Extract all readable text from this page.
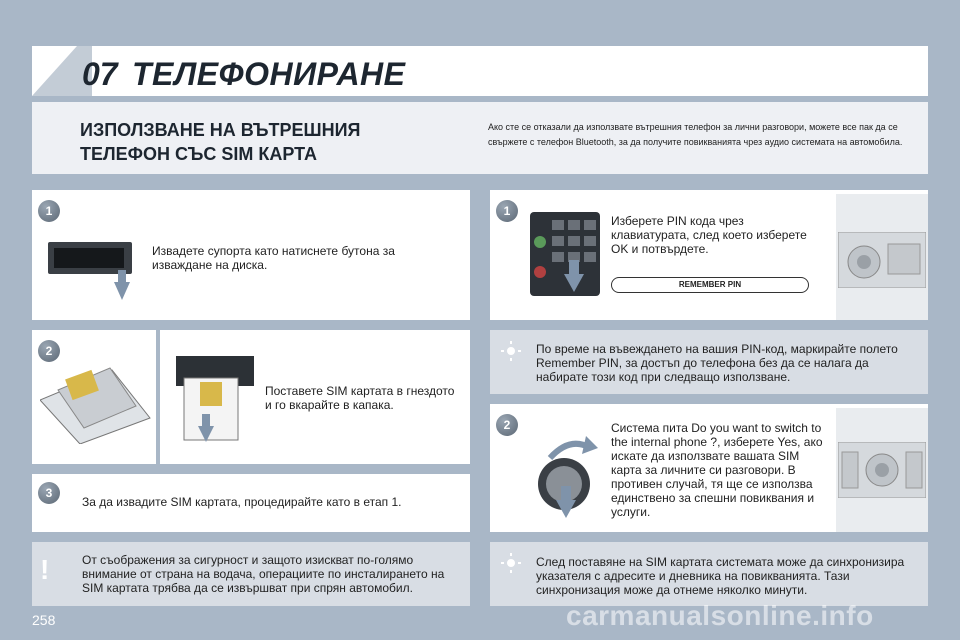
07 ТЕЛЕФОНИРАНЕ
ИЗПОЛЗВАНЕ НА ВЪТРЕШНИЯ
ТЕЛЕФОН СЪС SIM КАРТА
Ако сте се отказали да използвате вътрешния телефон за лични разговори, можете все пак да се свържете с телефон Bluetooth, за да получите повикванията чрез аудио системата на автомобила.
1
Извадете супорта като натиснете бутона за изваждане на диска.
2
Поставете SIM картата в гнездото и го вкарайте в капака.
3
За да извадите SIM картата, процедирайте като в етап 1.
!	От съображения за сигурност и защото изискват по-голямо внимание от страна на водача, операциите по инсталирането на SIM картата трябва да се извършват при спрян автомобил.
1
Изберете PIN кода чрез клавиатурата, след което изберете OK и потвърдете.
REMEMBER PIN
По време на въвеждането на вашия PIN-код, маркирайте полето Remember PIN, за достъп до телефона без да се налага да набирате този код при следващо използване.
2	Система пита Do you want to switch to the internal phone ?, изберете Yes, ако искате да използвате вашата SIM карта за личните си разговори. В противен случай, тя ще се използва единствено за спешни повиквания и услуги.
След поставяне на SIM картата системата може да синхронизира указателя с адресите и дневника на повикванията. Тази синхронизация може да отнеме няколко минути.
258	carmanualsonline.info
